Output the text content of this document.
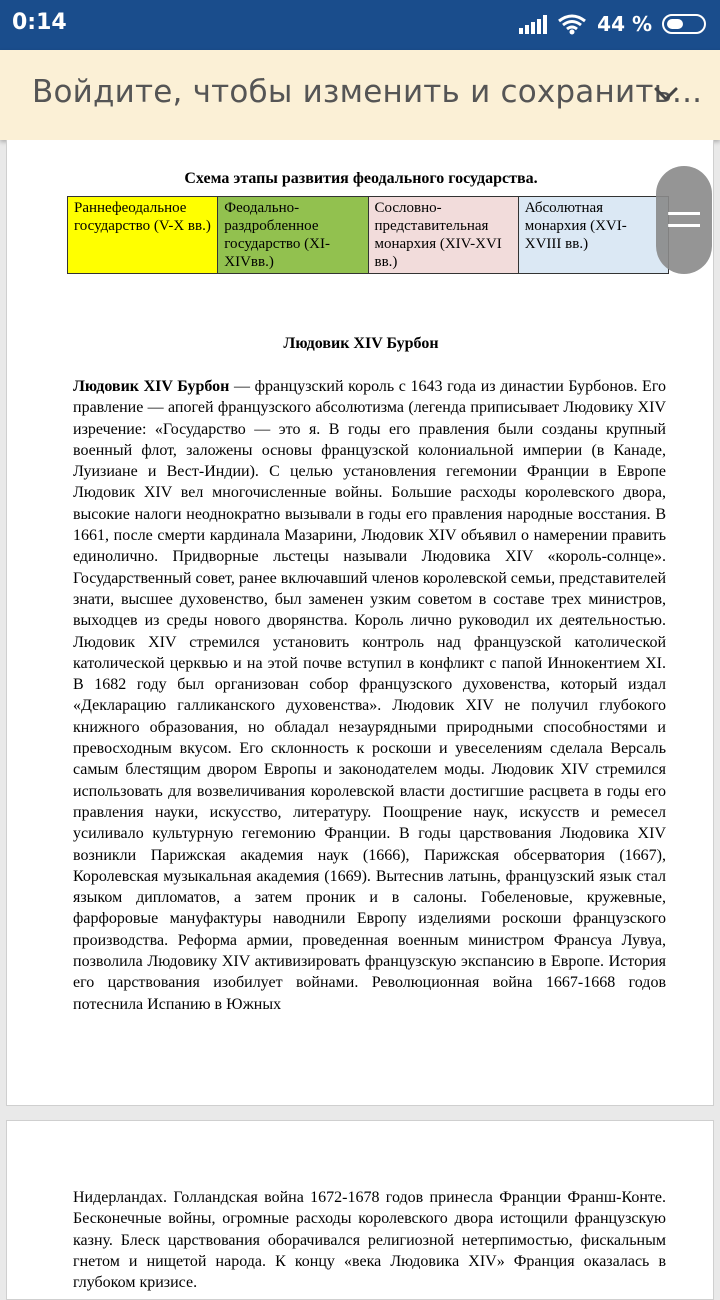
0:14	44 %
Войдите, чтобы изменить и сохранить...
Схема этапы развития феодального государства.
Раннефеодальное государство (V-X вв.)	Феодально-раздробленное государство (XI-XIVвв.)	Сословно-представительная монархия (XIV-XVI вв.)	Абсолютная монархия (XVI-XVIII вв.)
Людовик XIV Бурбон

Людовик XIV Бурбон — французский король с 1643 года из династии Бурбонов. Его правление — апогей французского абсолютизма (легенда приписывает Людовику XIV изречение: «Государство — это я. В годы его правления были созданы крупный военный флот, заложены основы французской колониальной империи (в Канаде, Луизиане и Вест-Индии). С целью установления гегемонии Франции в Европе Людовик XIV вел многочисленные войны. Большие расходы королевского двора, высокие налоги неоднократно вызывали в годы его правления народные восстания. В 1661, после смерти кардинала Мазарини, Людовик XIV объявил о намерении править единолично. Придворные льстецы называли Людовика XIV «король-солнце». Государственный совет, ранее включавший членов королевской семьи, представителей знати, высшее духовенство, был заменен узким советом в составе трех министров, выходцев из среды нового дворянства. Король лично руководил их деятельностью. Людовик XIV стремился установить контроль над французской католической католической церквью и на этой почве вступил в конфликт с папой Иннокентием XI. В 1682 году был организован собор французского духовенства, который издал «Декларацию галликанского духовенства». Людовик XIV не получил глубокого книжного образования, но обладал незаурядными природными способностями и превосходным вкусом. Его склонность к роскоши и увеселениям сделала Версаль самым блестящим двором Европы и законодателем моды. Людовик XIV стремился использовать для возвеличивания королевской власти достигшие расцвета в годы его правления науки, искусство, литературу. Поощрение наук, искусств и ремесел усиливало культурную гегемонию Франции. В годы царствования Людовика XIV возникли Парижская академия наук (1666), Парижская обсерватория (1667), Королевская музыкальная академия (1669). Вытеснив латынь, французский язык стал языком дипломатов, а затем проник и в салоны. Гобеленовые, кружевные, фарфоровые мануфактуры наводнили Европу изделиями роскоши французского производства. Реформа армии, проведенная военным министром Франсуа Лувуа, позволила Людовику XIV активизировать французскую экспансию в Европе. История его царствования изобилует войнами. Революционная война 1667-1668 годов потеснила Испанию в Южных

Нидерландах. Голландская война 1672-1678 годов принесла Франции Франш-Конте. Бесконечные войны, огромные расходы королевского двора истощили французскую казну. Блеск царствования оборачивался религиозной нетерпимостью, фискальным гнетом и нищетой народа. К концу «века Людовика XIV» Франция оказалась в глубоком кризисе.
